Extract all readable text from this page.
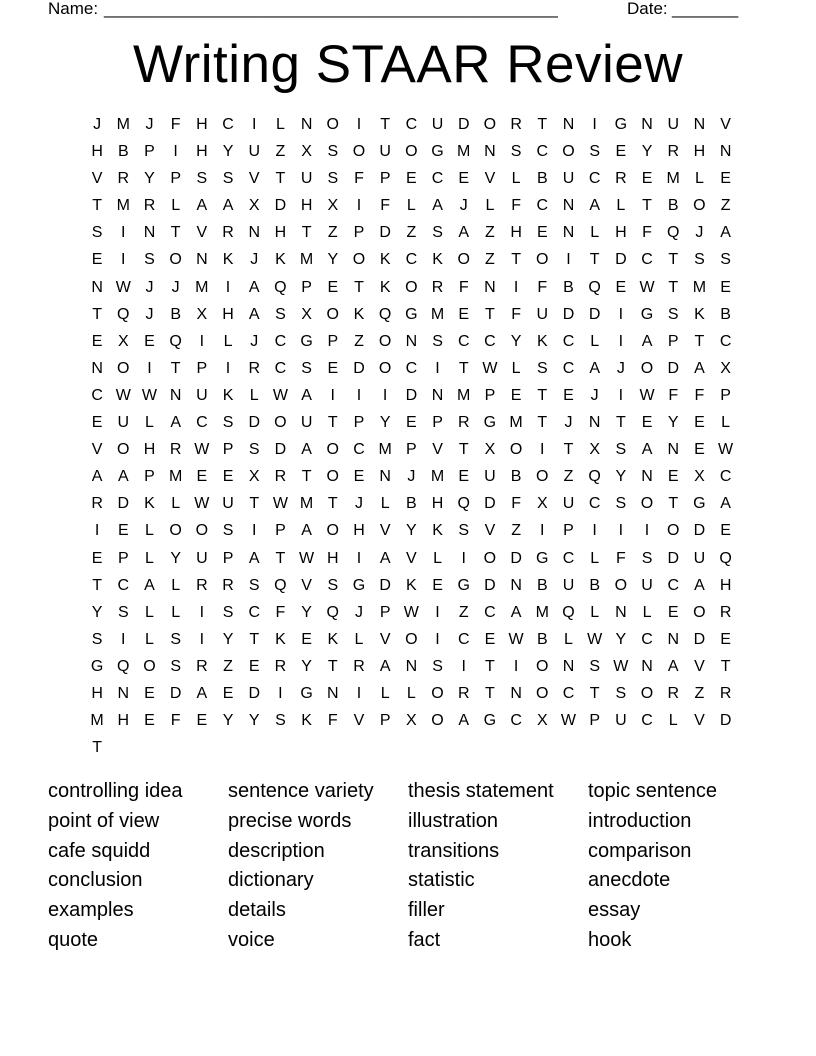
Name: ________________________________________________	Date: _______
Writing STAAR Review
J M J	F H C	I	L N O	I	T C U D O R T N	I	G N U N V
H B P	I	H Y U Z X S O U O G M N S C O S E Y R H N
V R Y P S S V T U S F P E C E V	L	B U C R E M L	E
T M R L	A A X D H X	I	F	L	A	J	L	F C N A	L	T B O Z
S	I	N T V R N H T	Z P D Z S A Z H E N L H F Q J	A
E	I	S O N K	J	K M Y O K C K O Z	T O	I	T D C T S S
N W J	J M	I	A Q P E T K O R F N	I	F B Q E W T M E
T Q J	B X H A S X O K Q G M E T	F U D D	I	G S K B
E X E Q	I	L	J	C G P Z O N S C C Y K C L	I	A P T C
N O	I	T P	I	R C S E D O C	I	T W L	S C A	J O D A X
C W W N U K	L W A	I	I	I	D N M P E T E	J	I	W F	F P
E U L	A C S D O U T P Y E P R G M T	J	N T E Y E	L
V O H R W P S D A O C M P V T X O	I	T X S A N E W
A A P M E E X R T O E N	J M E U B O Z Q Y N E X C
R D K	L W U T W M T	J	L	B H Q D F X U C S O T G A
I	E	L O O S	I	P A O H V Y K S V Z	I	P	I	I	I	O D E
E P	L	Y U P A T W H	I	A V	L	I	O D G C L	F S D U Q
T C A	L R R S Q V S G D K E G D N B U B O U C A H
Y S	L	L	I	S C F Y Q J	P W	I	Z C A M Q L N L	E O R
S	I	L	S	I	Y T K E K	L	V O	I	C E W B	L W Y C N D E
G Q O S R Z E R Y T R A N S	I	T	I	O N S W N A V T
H N E D A E D	I	G N	I	L	L O R T N O C T S O R Z R
M H E F E Y Y S K F V P X O A G C X W P U C L	V D
T
controlling idea	sentence variety	thesis statement	topic sentence
point of view	precise words	illustration	introduction
cafe squidd	description	transitions	comparison
conclusion	dictionary	statistic	anecdote
examples	details	filler	essay
quote	voice	fact	hook
